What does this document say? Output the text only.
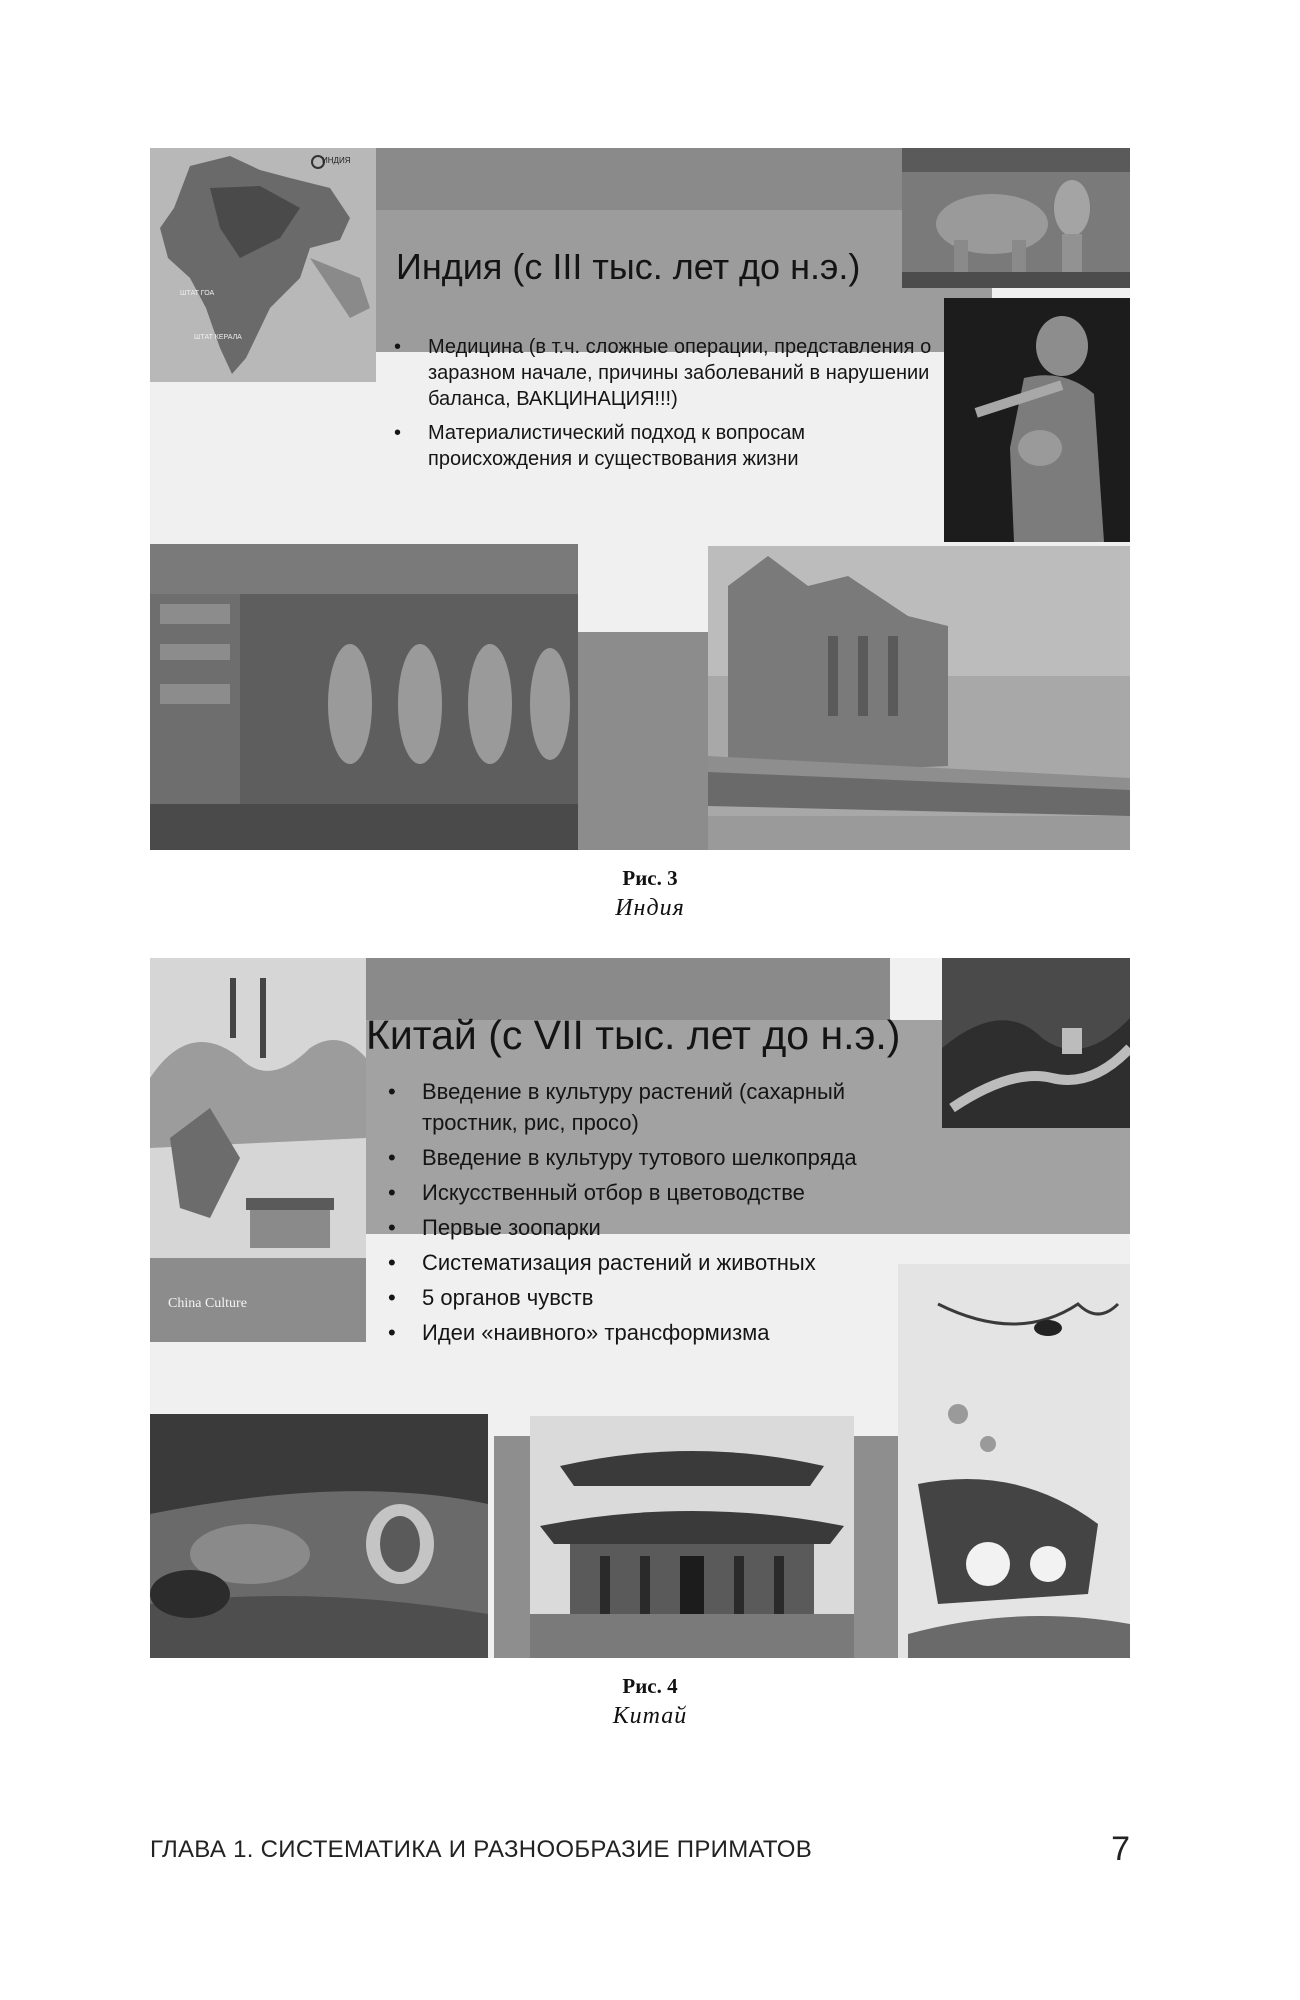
ИНДИЯ
ШТАТ ГОА
ШТАТ КЕРАЛА
Индия (с III тыс. лет до н.э.)
• Медицина (в т.ч. сложные операции, представления о заразном начале, причины заболеваний в нарушении баланса, ВАКЦИНАЦИЯ!!!)
• Материалистический подход к вопросам происхождения и существования жизни
Рис. 3
Индия
China Culture
Китай (с VII тыс. лет до н.э.)
• Введение в культуру растений (сахарный тростник, рис, просо)
• Введение в культуру тутового шелкопряда
• Искусственный отбор в цветоводстве
• Первые зоопарки
• Систематизация растений и животных
• 5 органов чувств
• Идеи «наивного» трансформизма
Рис. 4
Китай
ГЛАВА 1. СИСТЕМАТИКА И РАЗНООБРАЗИЕ ПРИМАТОВ	7
